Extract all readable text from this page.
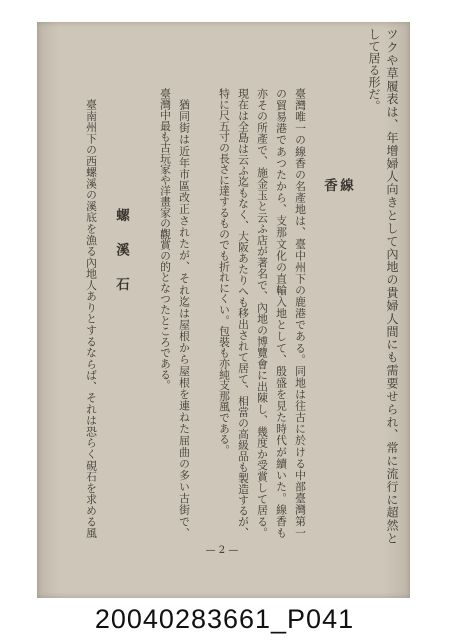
ツクや草履表は、年增婦人向きとして內地の貴婦人間にも需要せられ、常に流行に超然と
して居る形だ。
線香
臺灣唯一の線香の名產地は、臺中州下の鹿港である。同地は往古に於ける中部臺灣第一
の貿易港であつたから、支那文化の直輸入地として、殷盛を見た時代が續いた。線香も
亦その所產で、施金玉と云ふ店が著名で、內地の博覽會に出陳し、幾度か受賞して居る。
現在は全島は云ふ迄もなく、大阪あたりへも移出されて居て、相當の高級品も製造するが、
特に尺五寸の長さに達するものでも折れにくい。包裝も亦純支那風である。
猶同街は近年市區改正されたが、それ迄は屋根から屋根を連ねた屈曲の多い古街で、
臺灣中最も古玩家や洋畫家の觀賞の的となつたところである。
螺溪石
臺南州下の西螺溪の溪底を漁る內地人ありとするならば、それは恐らく硯石を求める風
— 2 —
20040283661_P041
